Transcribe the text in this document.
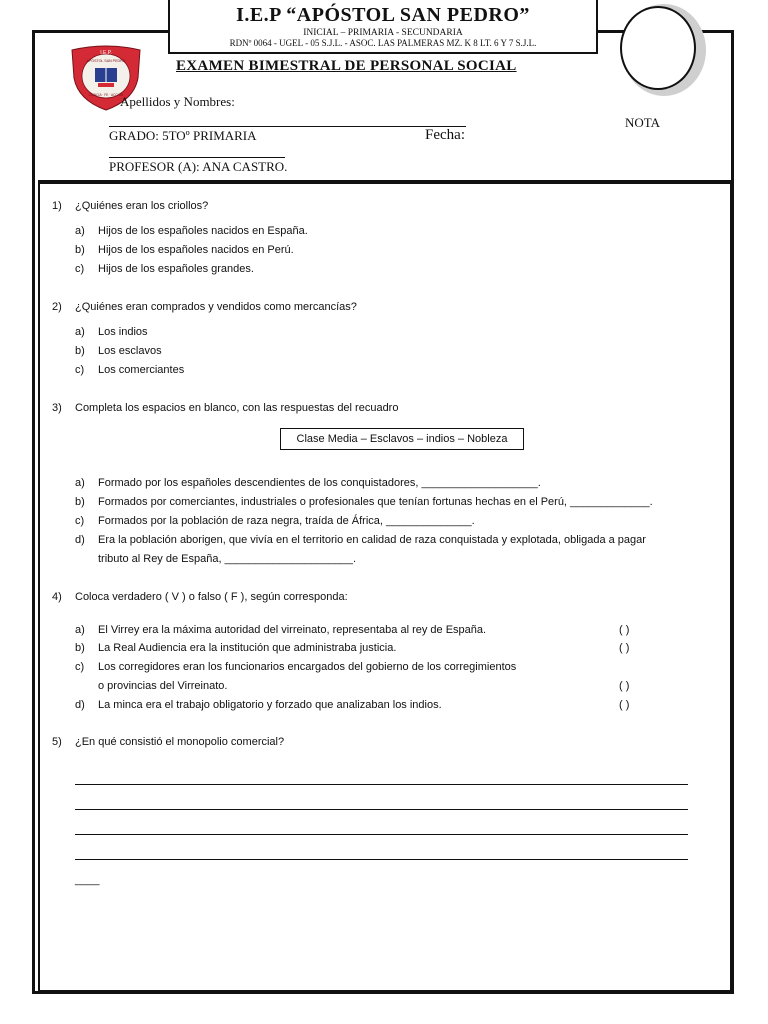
I.E.P “APÓSTOL SAN PEDRO”
INICIAL – PRIMARIA - SECUNDARIA
RDNº 0064 - UGEL - 05 S.J.L. - ASOC. LAS PALMERAS MZ. K 8 LT. 6 Y 7 S.J.L.
I.E.P.
APÓSTOL SAN PEDRO
CIENCIA · FE · ACCIÓN
EXAMEN BIMESTRAL DE PERSONAL SOCIAL
Apellidos y Nombres:
GRADO: 5TOº PRIMARIA	Fecha:
NOTA
PROFESOR (A): ANA CASTRO.
1) ¿Quiénes eran los criollos?
a) Hijos de los españoles nacidos en España.
b) Hijos de los españoles nacidos en Perú.
c) Hijos de los españoles grandes.
2) ¿Quiénes eran comprados y vendidos como mercancías?
a) Los indios
b) Los esclavos
c) Los comerciantes
3) Completa los espacios en blanco, con las respuestas del recuadro
Clase Media – Esclavos – indios – Nobleza
a) Formado por los españoles descendientes de los conquistadores, ___________________.
b) Formados por comerciantes, industriales o profesionales que tenían fortunas hechas en el Perú, _____________.
c) Formados por la población de raza negra, traída de África, ______________.
d) Era la población aborigen, que vivía en el territorio en calidad de raza conquistada y explotada, obligada a pagar
tributo al Rey de España, _____________________.
4) Coloca verdadero ( V ) o falso ( F ), según corresponda:
a) El Virrey era la máxima autoridad del virreinato, representaba al rey de España.	( )
b) La Real Audiencia era la institución que administraba justicia.	( )
c) Los corregidores eran los funcionarios encargados del gobierno de los corregimientos
o provincias del Virreinato.	( )
d) La minca era el trabajo obligatorio y forzado que analizaban los indios.	( )
5) ¿En qué consistió el monopolio comercial?
____
